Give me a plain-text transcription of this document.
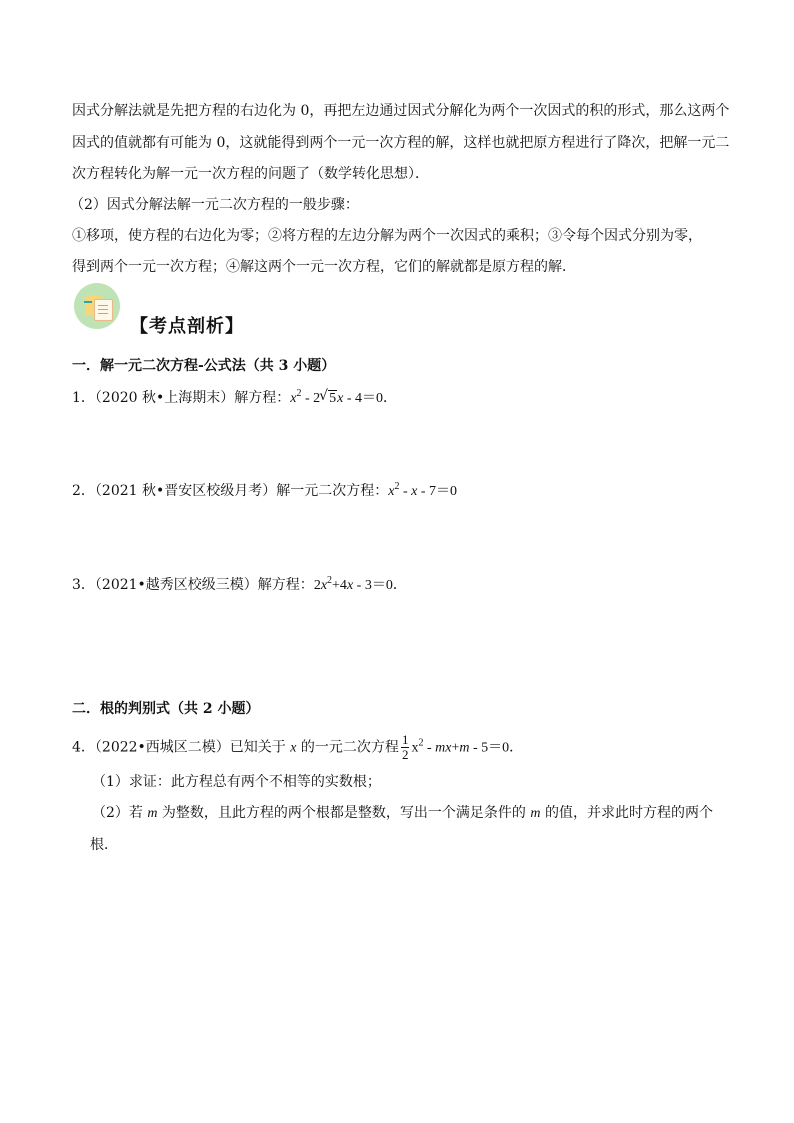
因式分解法就是先把方程的右边化为 0，再把左边通过因式分解化为两个一次因式的积的形式，那么这两个
因式的值就都有可能为 0，这就能得到两个一元一次方程的解，这样也就把原方程进行了降次，把解一元二
次方程转化为解一元一次方程的问题了（数学转化思想）．
（2）因式分解法解一元二次方程的一般步骤：
①移项，使方程的右边化为零；②将方程的左边分解为两个一次因式的乘积；③令每个因式分别为零，
得到两个一元一次方程；④解这两个一元一次方程，它们的解就都是原方程的解．
【考点剖析】
一．解一元二次方程-公式法（共 3 小题）
1．（2020 秋•上海期末）解方程：$x^2 - 2√$ 5x - 4＝0．
2．（2021 秋•晋安区校级月考）解一元二次方程：$x^2 - x - 7=0$
3．（2021•越秀区校级三模）解方程：$2x^2+4x - 3=0$．
二．根的判别式（共 2 小题）
4．（2022•西城区二模）已知关于 x 的一元二次方程 $\frac{1}{2} x^2 - mx+m - 5=0$．
（1）求证：此方程总有两个不相等的实数根；
（2）若 m 为整数，且此方程的两个根都是整数，写出一个满足条件的 m 的值，并求此时方程的两个
根．
